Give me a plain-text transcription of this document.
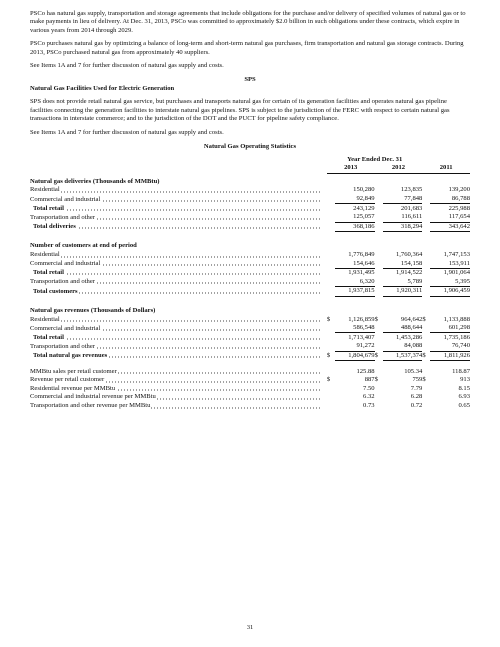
PSCo has natural gas supply, transportation and storage agreements that include obligations for the purchase and/or delivery of specified volumes of natural gas or to make payments in lieu of delivery. At Dec. 31, 2013, PSCo was committed to approximately $2.0 billion in such obligations under these contracts, which expire in various years from 2014 through 2029.

PSCo purchases natural gas by optimizing a balance of long-term and short-term natural gas purchases, firm transportation and natural gas storage contracts. During 2013, PSCo purchased natural gas from approximately 40 suppliers.

See Items 1A and 7 for further discussion of natural gas supply and costs.

SPS

Natural Gas Facilities Used for Electric Generation

SPS does not provide retail natural gas service, but purchases and transports natural gas for certain of its generation facilities and operates natural gas pipeline facilities connecting the generation facilities to interstate natural gas pipelines. SPS is subject to the jurisdiction of the FERC with respect to certain natural gas transactions in interstate commerce; and to the jurisdiction of the DOT and the PUCT for pipeline safety compliance.

See Items 1A and 7 for further discussion of natural gas supply and costs.

Natural Gas Operating Statistics

		Year Ended Dec. 31					
		2013		2012		2011	
Natural gas deliveries (Thousands of MMBtu)							
Residential			150,280		123,835		139,200
Commercial and industrial			92,849		77,848		86,788
Total retail			243,129		201,683		225,988
Transportation and other			125,057		116,611		117,654
Total deliveries			368,186		318,294		343,642

Number of customers at end of period							
Residential			1,776,849		1,760,364		1,747,153
Commercial and industrial			154,646		154,158		153,911
Total retail			1,931,495		1,914,522		1,901,064
Transportation and other			6,320		5,789		5,395
Total customers			1,937,815		1,920,311		1,906,459

Natural gas revenues (Thousands of Dollars)							
Residential		$	1,126,859	$	964,642	$	1,133,888
Commercial and industrial			586,548		488,644		601,298
Total retail			1,713,407		1,453,286		1,735,186
Transportation and other			91,272		84,088		76,740
Total natural gas revenues		$	1,804,679	$	1,537,374	$	1,811,926

MMBtu sales per retail customer			125.88		105.34		118.87
Revenue per retail customer		$	887	$	759	$	913
Residential revenue per MMBtu			7.50		7.79		8.15
Commercial and industrial revenue per MMBtu			6.32		6.28		6.93
Transportation and other revenue per MMBtu			0.73		0.72		0.65
31
